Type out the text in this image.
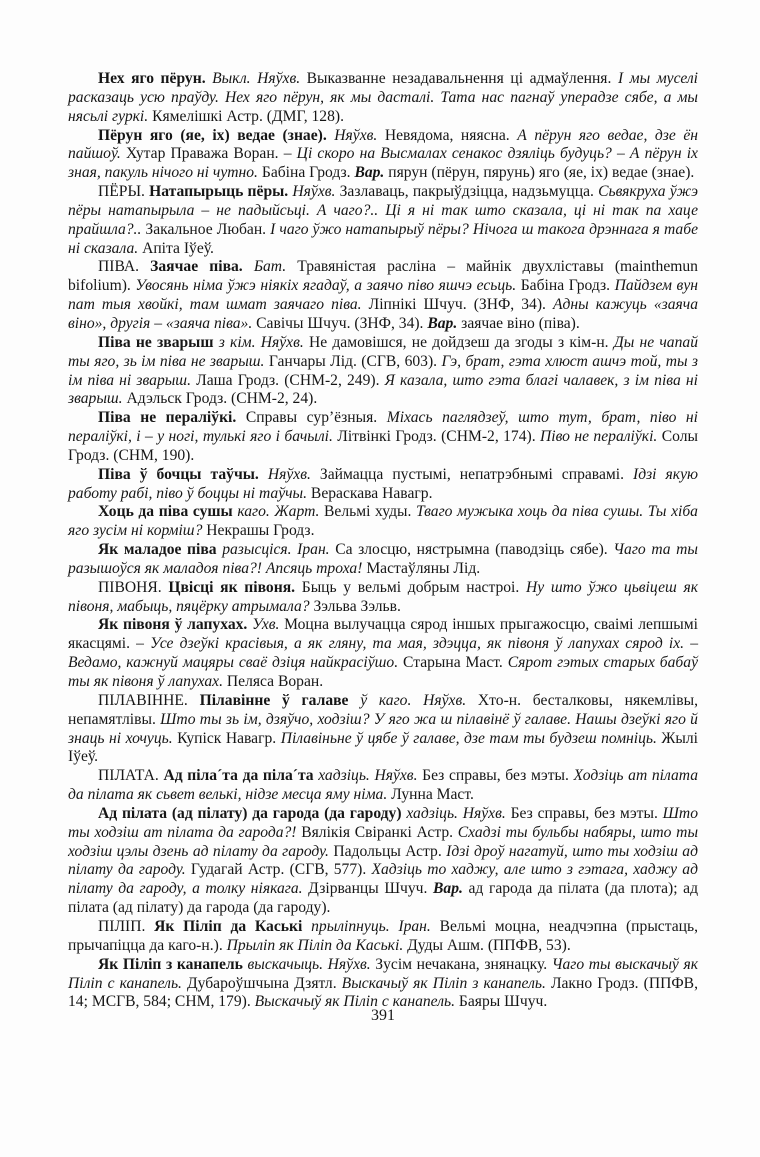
Нех яго пёрун. Выкл. Няўхв. Выказванне незадавальнення ці адмаўлення. І мы муселі расказаць усю праўду. Нех яго пёрун, як мы дасталі. Тата нас пагнаў уперадзе сябе, а мы нясьлі гуркі. Кямелішкі Астр. (ДМГ, 128).

Пёрун яго (яе, іх) ведае (знае). Няўхв. Невядома, няясна. А пёрун яго ведае, дзе ён пайшоў. Хутар Праважа Воран. – Ці скоро на Высмалах сенакос дзяліць будуць? – А пёрун іх зная, пакуль нічого ні чутно. Бабіна Гродз. Вар. пярун (пёрун, пярунь) яго (яе, іх) ведае (знае).

ПЁРЫ. Натапырыць пёры. Няўхв. Зазлаваць, пакрыўдзіцца, надзьмуцца. Сьвякруха ўжэ пёры натапырыла – не падыйсьці. А чаго?.. Ці я ні так што сказала, ці ні так па хаце прайшла?.. Закальное Любан. І чаго ўжо натапырыў пёры? Нічога ш такога дрэннага я табе ні сказала. Апіта Іўеў.

ПІВА. Заячае піва. Бат. Травяністая расліна – майнік двухліставы (mainthemun bifolium). Увосянь німа ўжэ ніякіх ягадаў, а заячо піво яшчэ есьць. Бабіна Гродз. Пайдзем вун пат тыя хвойкі, там шмат заячаго піва. Ліпнікі Шчуч. (ЗНФ, 34). Адны кажуць «заяча віно», другія – «заяча піва». Савічы Шчуч. (ЗНФ, 34). Вар. заячае віно (піва).

Піва не зварыш з кім. Няўхв. Не дамовішся, не дойдзеш да згоды з кім-н. Ды не чапай ты яго, зь ім піва не зварыш. Ганчары Лід. (СГВ, 603). Гэ, брат, гэта хлюст ашчэ той, ты з ім піва ні зварыш. Лаша Гродз. (СНМ-2, 249). Я казала, што гэта благі чалавек, з ім піва ні зварыш. Адэльск Гродз. (СНМ-2, 24).

Піва не пераліўкі. Справы сур’ёзныя. Міхась паглядзеў, што тут, брат, піво ні пераліўкі, і – у ногі, тулькі яго і бачылі. Літвінкі Гродз. (СНМ-2, 174). Піво не пераліўкі. Солы Гродз. (СНМ, 190).

Піва ў бочцы таўчы. Няўхв. Займацца пустымі, непатрэбнымі справамі. Ідзі якую работу рабі, піво ў боццы ні таўчы. Вераскава Навагр.

Хоць да піва сушы каго. Жарт. Вельмі худы. Тваго мужыка хоць да піва сушы. Ты хіба яго зусім ні корміш? Некрашы Гродз.

Як маладое піва разысціся. Іран. Са злосцю, нястрымна (паводзіць сябе). Чаго та ты разышоўся як маладоя піва?! Апсяць троха! Мастаўляны Лід.

ПІВОНЯ. Цвісці як півоня. Быць у вельмі добрым настроі. Ну што ўжо цьвіцеш як півоня, мабыць, пяцёрку атрымала? Зэльва Зэльв.

Як півоня ў лапухах. Ухв. Моцна вылучацца сярод іншых прыгажосцю, сваімі лепшымі якасцямі. – Усе дзеўкі красівыя, а як гляну, та мая, здэцца, як півоня ў лапухах сярод іх. – Ведамо, кажнуй мацяры сваё дзіця найкрасіўшо. Старына Маст. Сярот гэтых старых бабаў ты як півоня ў лапухах. Пеляса Воран.

ПІЛАВІННЕ. Пілавінне ў галаве ў каго. Няўхв. Хто-н. бесталковы, някемлівы, непамятлівы. Што ты зь ім, дзяўчо, ходзіш? У яго жа ш пілавінё ў галаве. Нашы дзеўкі яго й знаць ні хочуць. Купіск Навагр. Пілавіньне ў цябе ў галаве, дзе там ты будзеш помніць. Жылі Іўеў.

ПІЛАТА. Ад піла´та да піла´та хадзіць. Няўхв. Без справы, без мэты. Ходзіць ат пілата да пілата як сьвет велькі, нідзе месца яму німа. Лунна Маст.

Ад пілата (ад пілату) да гарода (да гароду) хадзіць. Няўхв. Без справы, без мэты. Што ты ходзіш ат пілата да гарода?! Вялікія Свіранкі Астр. Схадзі ты бульбы набяры, што ты ходзіш цэлы дзень ад пілату да гароду. Падольцы Астр. Ідзі дроў нагатуй, што ты ходзіш ад пілату да гароду. Гудагай Астр. (СГВ, 577). Хадзіць то хаджу, але што з гэтага, хаджу ад пілату да гароду, а толку ніякага. Дзірванцы Шчуч. Вар. ад гарода да пілата (да плота); ад пілата (ад пілату) да гарода (да гароду).

ПІЛІП. Як Піліп да Каські прыліпнуць. Іран. Вельмі моцна, неадчэпна (прыстаць, прычапіцца да каго-н.). Прыліп як Піліп да Каські. Дуды Ашм. (ППФВ, 53).

Як Піліп з канапель выскачыць. Няўхв. Зусім нечакана, знянацку. Чаго ты выскачыў як Піліп с канапель. Дубароўшчына Дзятл. Выскачыў як Піліп з канапель. Лакно Гродз. (ППФВ, 14; МСГВ, 584; СНМ, 179). Выскачыў як Піліп с канапель. Баяры Шчуч.

391
